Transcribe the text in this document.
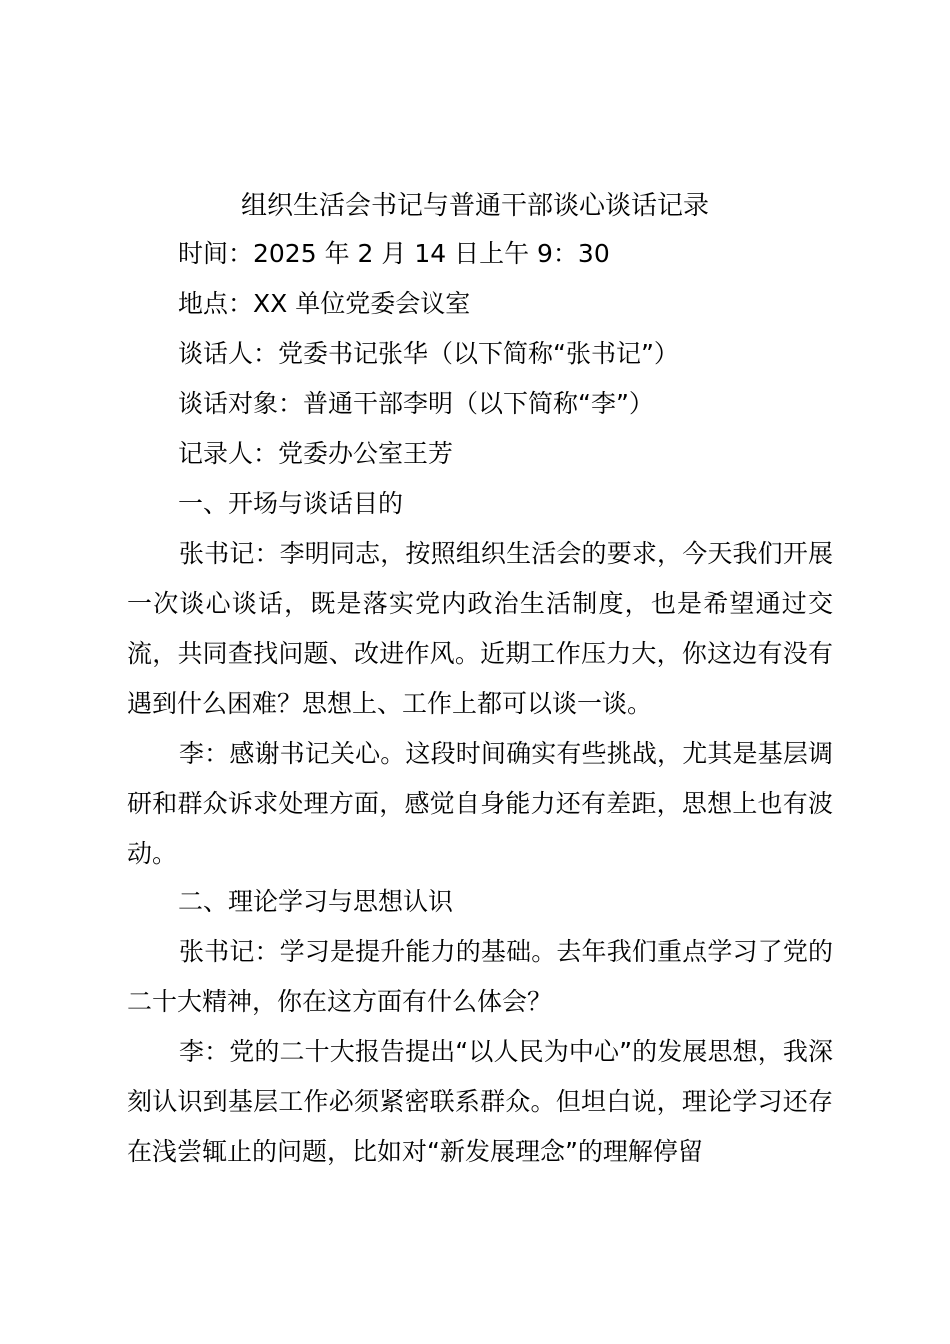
组织生活会书记与普通干部谈心谈话记录

时间：2025 年 2 月 14 日上午 9：30

地点：XX 单位党委会议室

谈话人：党委书记张华（以下简称“张书记”）

谈话对象：普通干部李明（以下简称“李”）

记录人：党委办公室王芳

一、开场与谈话目的

张书记：李明同志，按照组织生活会的要求，今天我们开展一次谈心谈话，既是落实党内政治生活制度，也是希望通过交流，共同查找问题、改进作风。近期工作压力大，你这边有没有遇到什么困难？思想上、工作上都可以谈一谈。

李：感谢书记关心。这段时间确实有些挑战，尤其是基层调研和群众诉求处理方面，感觉自身能力还有差距，思想上也有波动。

二、理论学习与思想认识

张书记：学习是提升能力的基础。去年我们重点学习了党的二十大精神，你在这方面有什么体会？

李：党的二十大报告提出“以人民为中心”的发展思想，我深刻认识到基层工作必须紧密联系群众。但坦白说，理论学习还存在浅尝辄止的问题，比如对“新发展理念”的理解停留
